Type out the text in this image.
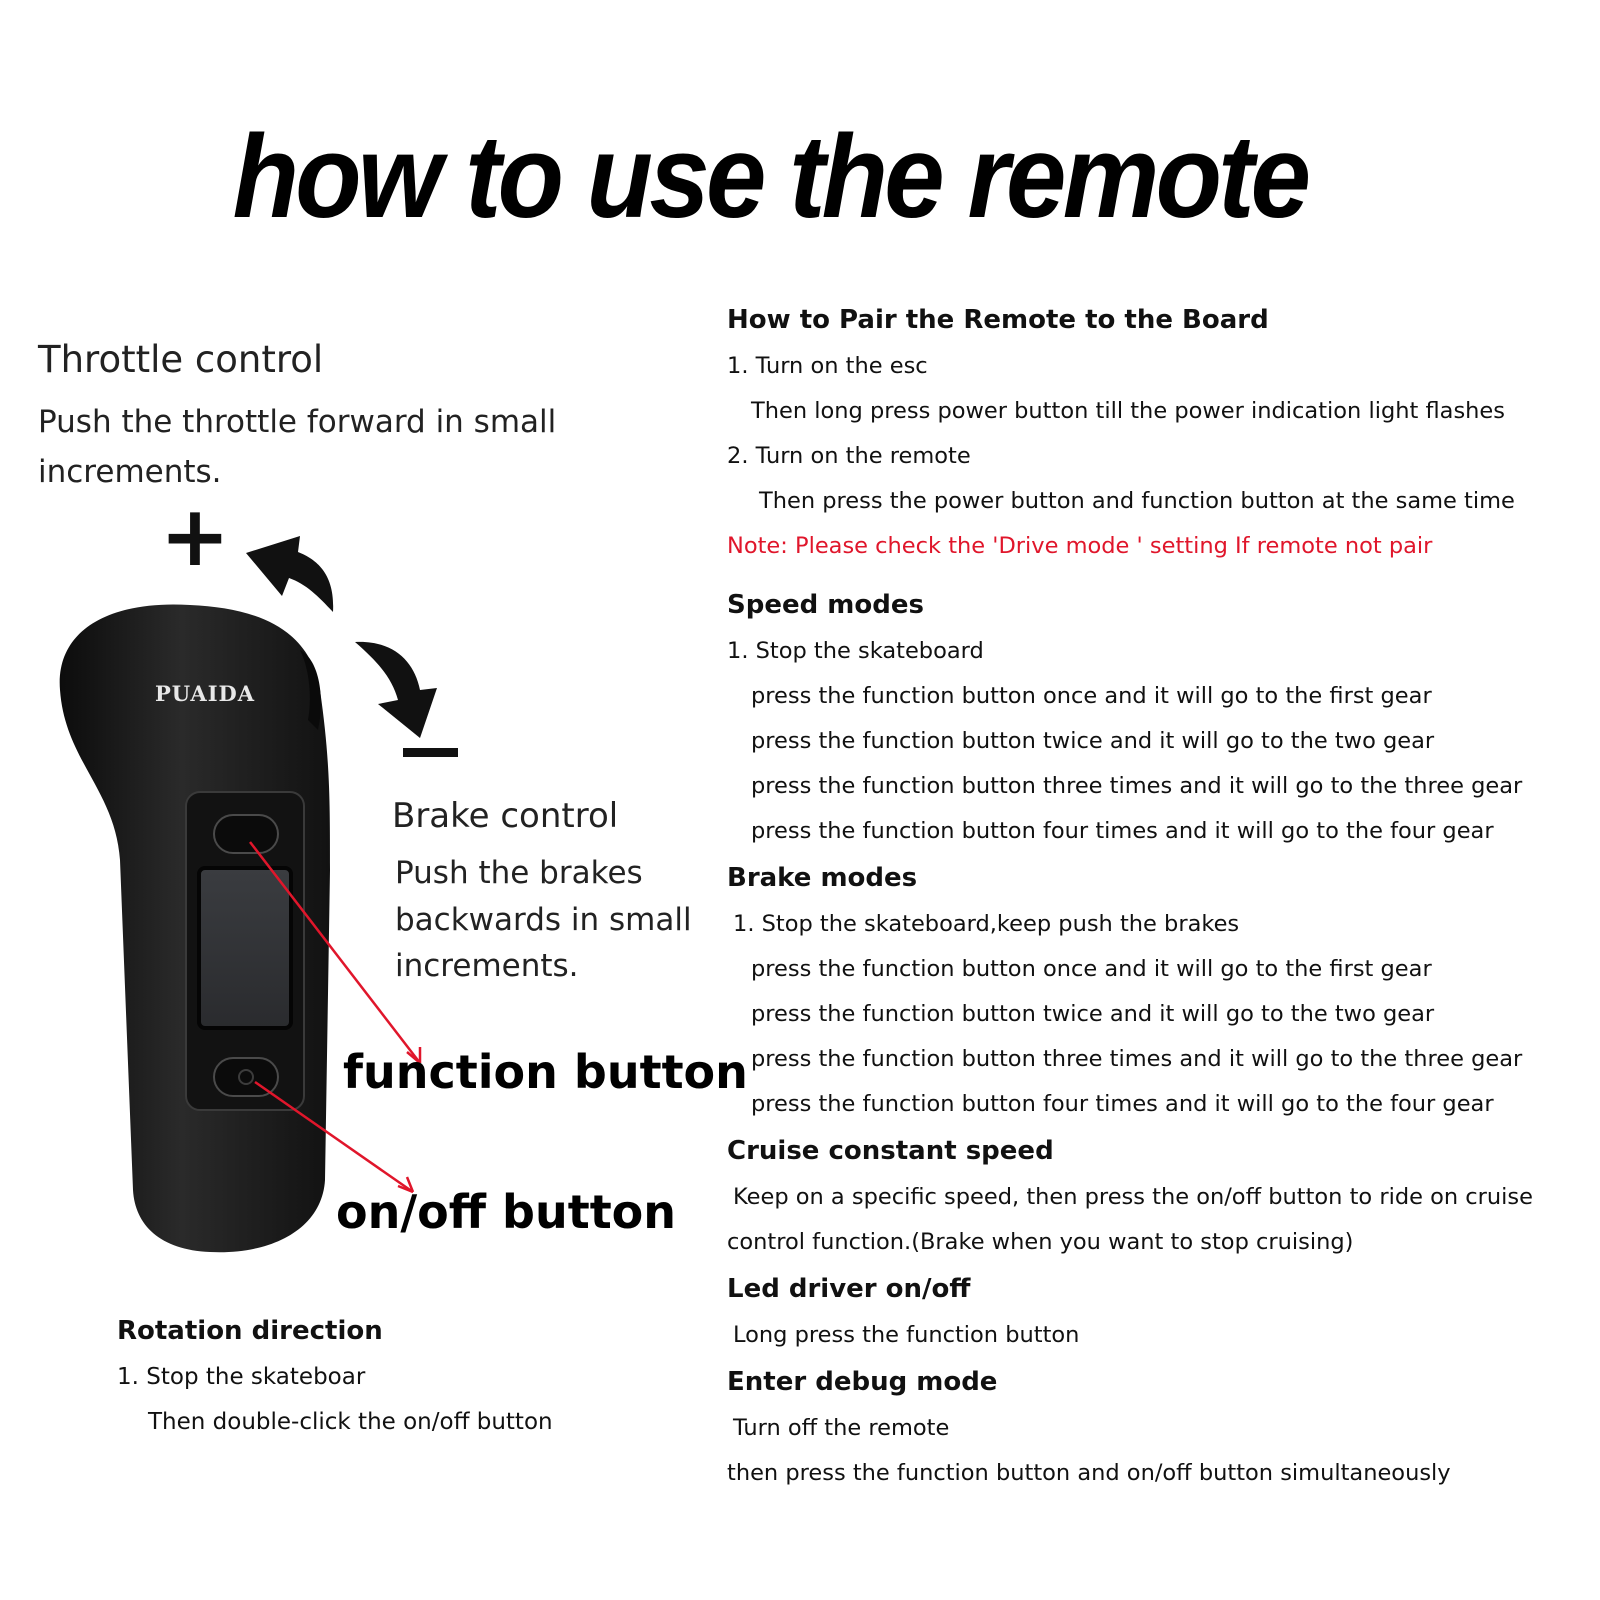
how to use the remote
PUAIDA
+
Throttle control
Push the throttle forward in small increments.
Brake control
Push the brakes backwards in small increments.
function button
on/off button
Rotation direction
1. Stop the skateboar
Then double-click the on/off button
How to Pair the Remote to the Board
1. Turn on the esc
Then long press power button till the power indication light flashes
2. Turn on the remote
Then press the power button and function button at the same time
Note: Please check the 'Drive mode ' setting If remote not pair
Speed modes
1. Stop the skateboard
press the function button once and it will go to the first gear
press the function button twice and it will go to the two gear
press the function button three times and it will go to the three gear
press the function button four times and it will go to the four gear
Brake modes
1. Stop the skateboard,keep push the brakes
press the function button once and it will go to the first gear
press the function button twice and it will go to the two gear
press the function button three times and it will go to the three gear
press the function button four times and it will go to the four gear
Cruise constant speed
Keep on a specific speed, then press the on/off button to ride on cruise
control function.(Brake when you want to stop cruising)
Led driver on/off
Long press the function button
Enter debug mode
Turn off the remote
then press the function button and on/off button simultaneously
